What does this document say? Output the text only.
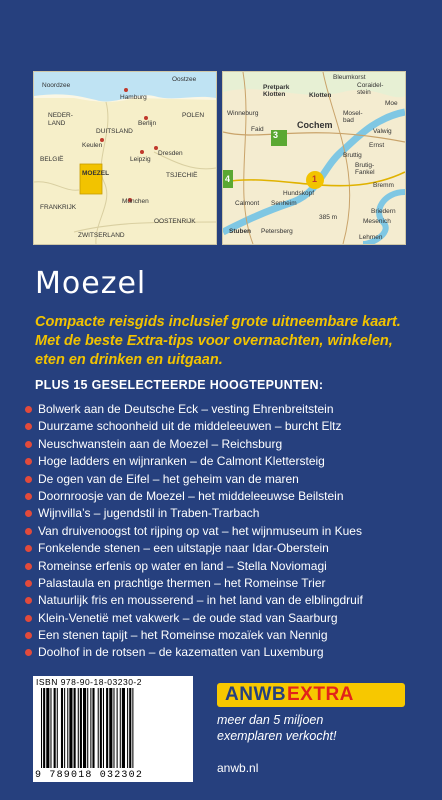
Noordzee
Oostzee
Hamburg
NEDER-LAND	Berlijn
POLEN
DUITSLAND
Keulen
Leipzig
Dresden
BELGIË
MOEZEL	TSJECHIË
FRANKRIJK
München
OOSTENRIJK
ZWITSERLAND
3
1
4
Bleumkorst
Pretpark Klotten	Klotten
Coraidel-stein
Winneburg
Faid	Cochem
Mosel-bad
Valwig
Ernst
Brutig-Fankel
Calmont
Bruttig
Bremm
Briedern
Mesenich
Senheim
Stuben Petersberg
Lehmen
Moe
Hundskopf
385 m
Moezel
Compacte reisgids inclusief grote uitneembare kaart.
Met de beste Extra-tips voor overnachten, winkelen,
eten en drinken en uitgaan.
PLUS 15 GESELECTEERDE HOOGTEPUNTEN:
Bolwerk aan de Deutsche Eck – vesting Ehrenbreitstein
Duurzame schoonheid uit de middeleeuwen – burcht Eltz
Neuschwanstein aan de Moezel – Reichsburg
Hoge ladders en wijnranken – de Calmont Klettersteig
De ogen van de Eifel – het geheim van de maren
Doornroosje van de Moezel – het middeleeuwse Beilstein
Wijnvilla’s – jugendstil in Traben-Trarbach
Van druivenoogst tot rijping op vat – het wijnmuseum in Kues
Fonkelende stenen – een uitstapje naar Idar-Oberstein
Romeinse erfenis op water en land – Stella Noviomagi
Palastaula en prachtige thermen – het Romeinse Trier
Natuurlijk fris en mousserend – in het land van de elblingdruif
Klein-Venetië met vakwerk – de oude stad van Saarburg
Een stenen tapijt – het Romeinse mozaïek van Nennig
Doolhof in de rotsen – de kazematten van Luxemburg
ISBN 978-90-18-03230-2
9 789018 032302
ANWB EXTRA
meer dan 5 miljoen
exemplaren verkocht!
anwb.nl
